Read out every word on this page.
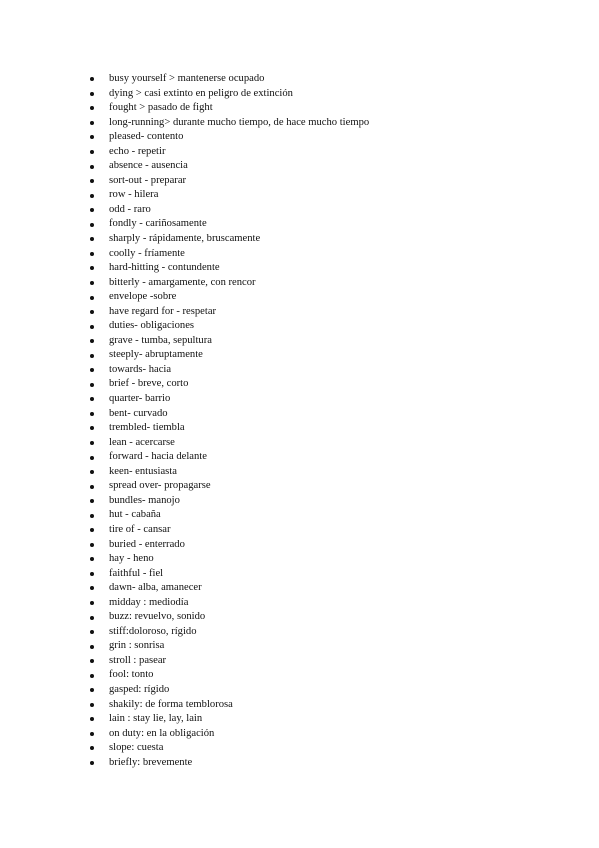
busy yourself > mantenerse ocupado
dying > casi extinto en peligro de extinción
fought > pasado de fight
long-running> durante mucho tiempo, de hace mucho tiempo
pleased- contento
echo - repetir
absence - ausencia
sort-out - preparar
row - hilera
odd - raro
fondly - cariñosamente
sharply - rápidamente, bruscamente
coolly - fríamente
hard-hitting - contundente
bitterly - amargamente, con rencor
envelope -sobre
have regard for - respetar
duties- obligaciones
grave - tumba, sepultura
steeply- abruptamente
towards- hacia
brief - breve, corto
quarter- barrio
bent- curvado
trembled- tiembla
lean - acercarse
forward - hacia delante
keen- entusiasta
spread over- propagarse
bundles- manojo
hut - cabaña
tire of - cansar
buried - enterrado
hay - heno
faithful - fiel
dawn- alba, amanecer
midday : mediodía
buzz: revuelvo, sonido
stiff:doloroso, rígido
grin : sonrisa
stroll : pasear
fool: tonto
gasped: rígido
shakily: de forma temblorosa
lain : stay lie, lay, lain
on duty: en la obligación
slope: cuesta
briefly: brevemente
